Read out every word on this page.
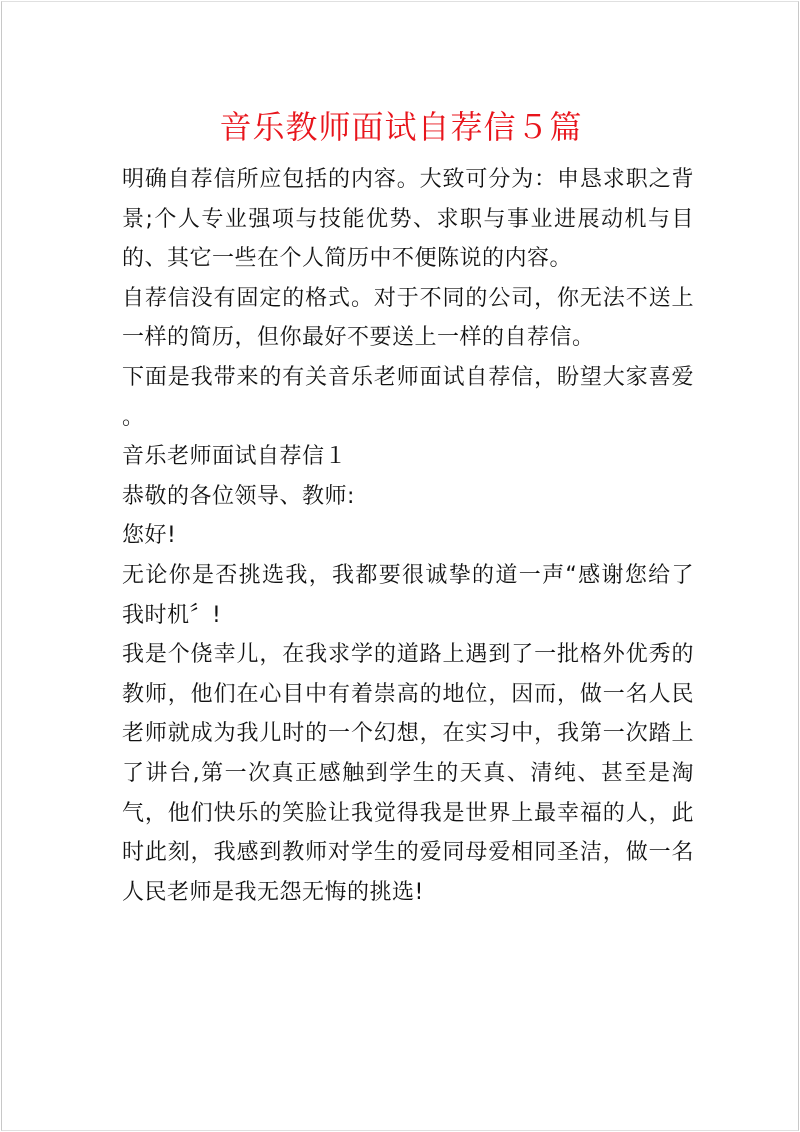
音乐教师面试自荐信５篇

明确自荐信所应包括的内容。大致可分为：申恳求职之背景;个人专业强项与技能优势、求职与事业进展动机与目的、其它一些在个人简历中不便陈说的内容。

自荐信没有固定的格式。对于不同的公司，你无法不送上一样的简历，但你最好不要送上一样的自荐信。

下面是我带来的有关音乐老师面试自荐信，盼望大家喜爱 。

音乐老师面试自荐信１

恭敬的各位领导、教师:

您好!

无论你是否挑选我，我都要很诚挚的道一声“感谢您给了我时机〞!

我是个侥幸儿，在我求学的道路上遇到了一批格外优秀的教师，他们在心目中有着崇高的地位，因而，做一名人民老师就成为我儿时的一个幻想，在实习中，我第一次踏上了讲台,第一次真正感触到学生的天真、清纯、甚至是淘气，他们快乐的笑脸让我觉得我是世界上最幸福的人，此时此刻，我感到教师对学生的爱同母爱相同圣洁，做一名人民老师是我无怨无悔的挑选!
